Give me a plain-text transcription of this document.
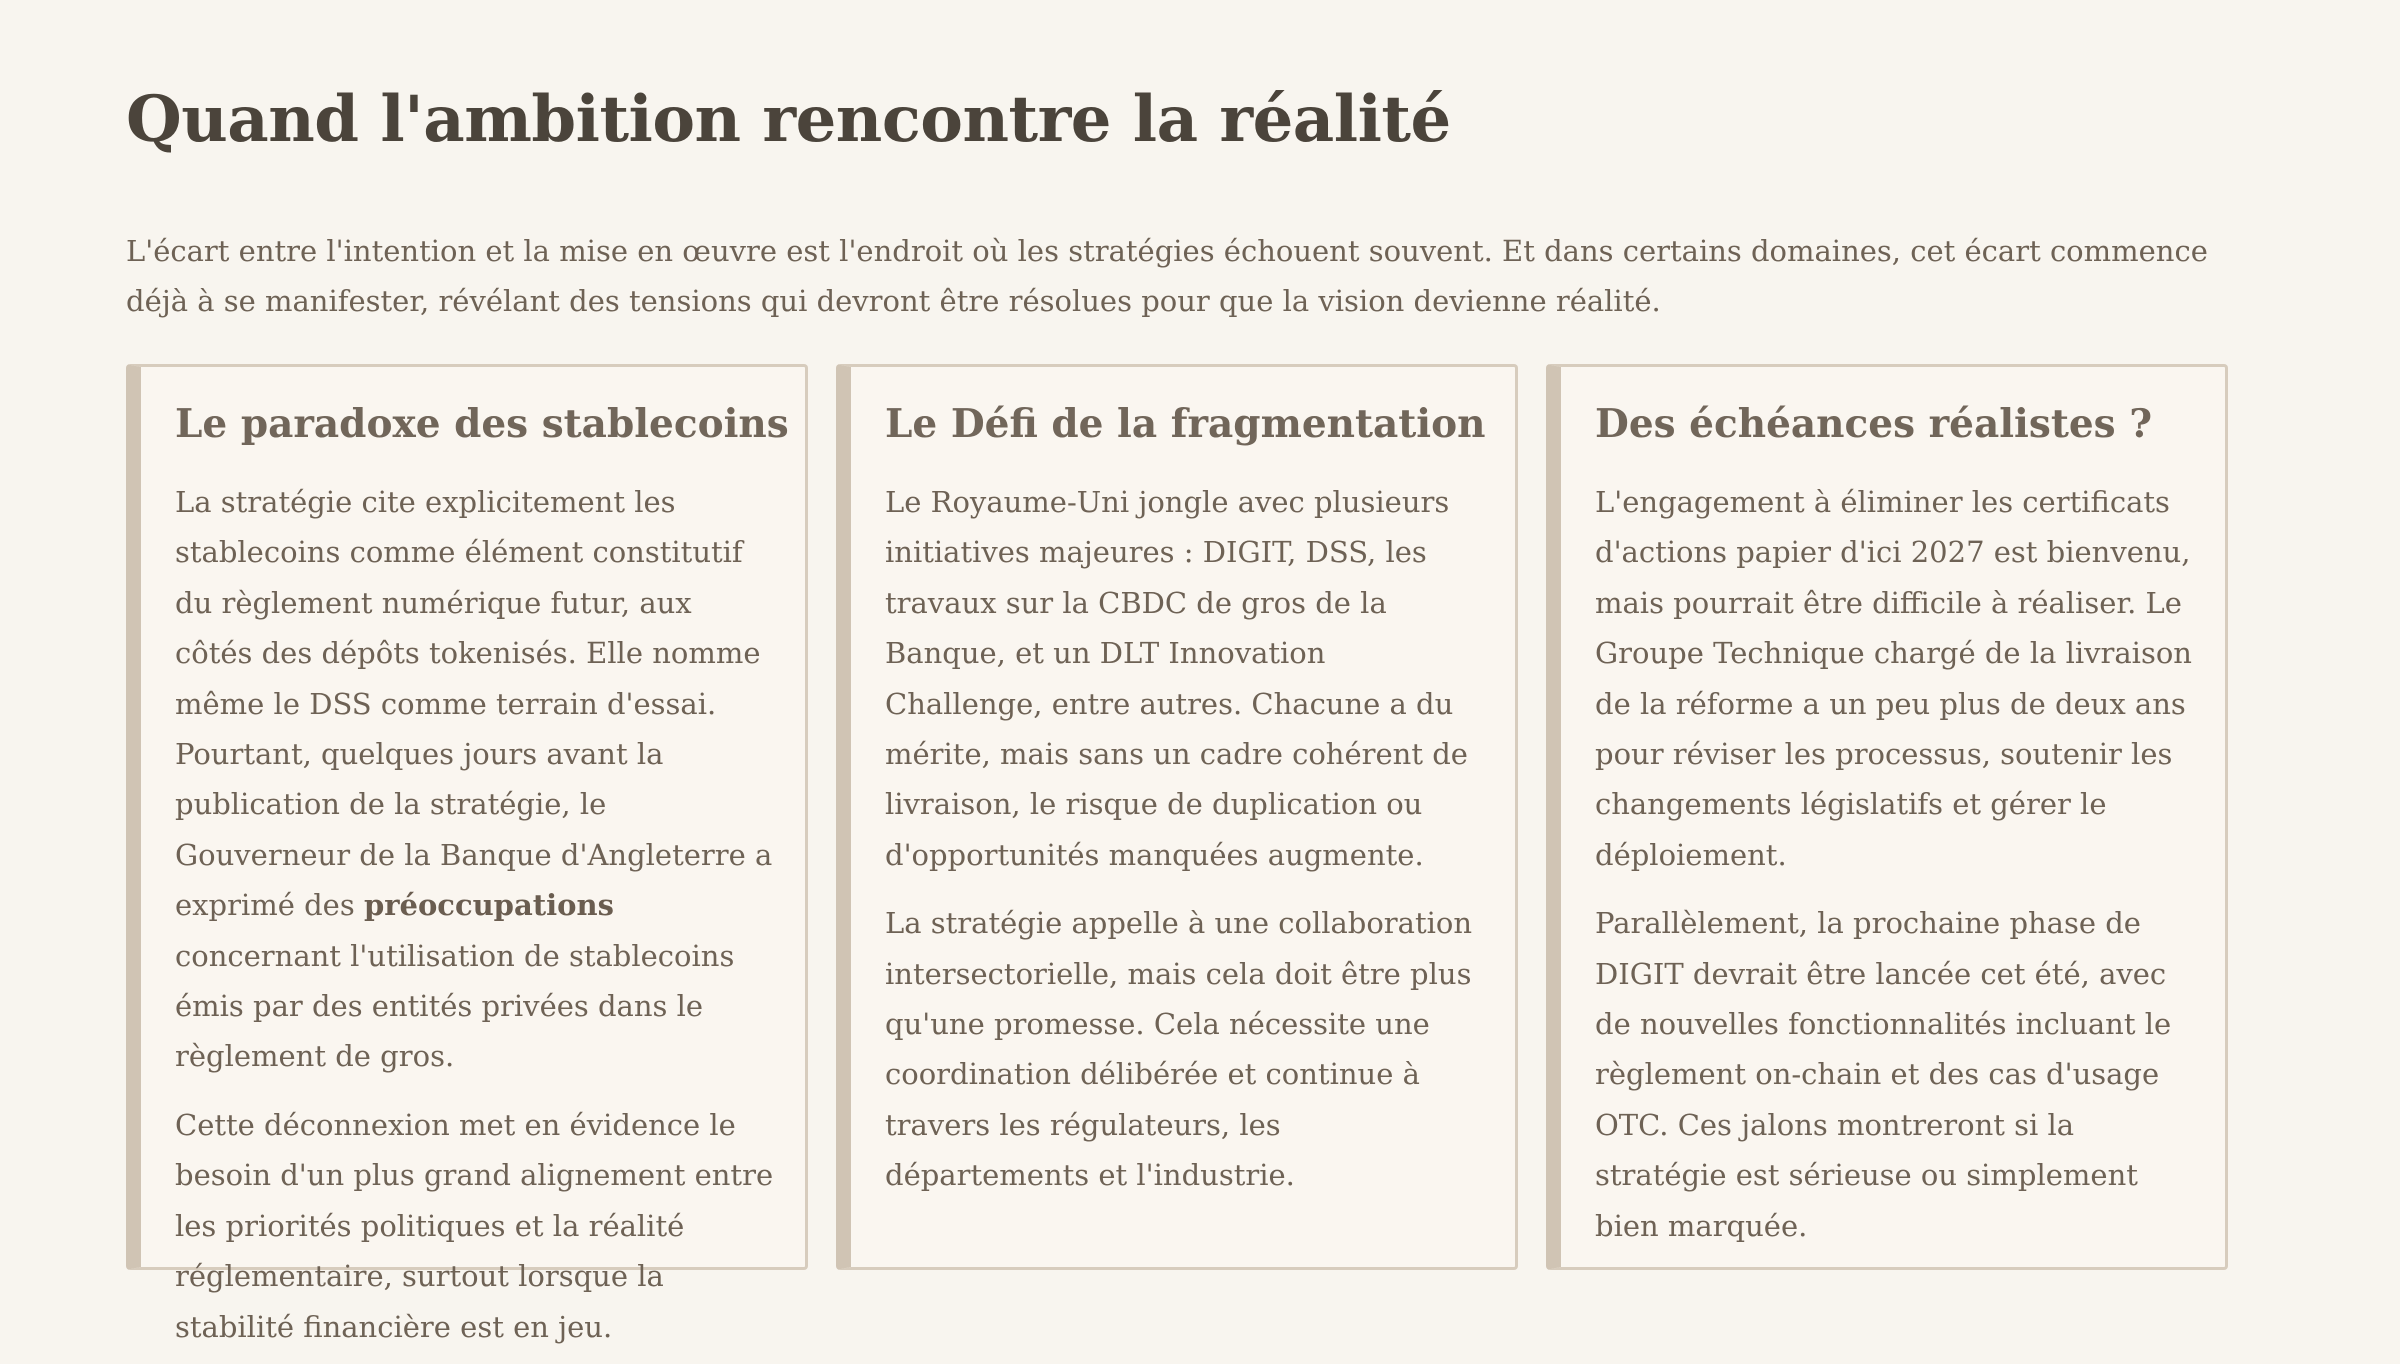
Quand l'ambition rencontre la réalité

L'écart entre l'intention et la mise en œuvre est l'endroit où les stratégies échouent souvent. Et dans certains domaines, cet écart commence déjà à se manifester, révélant des tensions qui devront être résolues pour que la vision devienne réalité.

Le paradoxe des stablecoins

La stratégie cite explicitement les stablecoins comme élément constitutif du règlement numérique futur, aux côtés des dépôts tokenisés. Elle nomme même le DSS comme terrain d'essai. Pourtant, quelques jours avant la publication de la stratégie, le Gouverneur de la Banque d'Angleterre a exprimé des préoccupations concernant l'utilisation de stablecoins émis par des entités privées dans le règlement de gros.

Cette déconnexion met en évidence le besoin d'un plus grand alignement entre les priorités politiques et la réalité réglementaire, surtout lorsque la stabilité financière est en jeu.

Le Défi de la fragmentation

Le Royaume-Uni jongle avec plusieurs initiatives majeures : DIGIT, DSS, les travaux sur la CBDC de gros de la Banque, et un DLT Innovation Challenge, entre autres. Chacune a du mérite, mais sans un cadre cohérent de livraison, le risque de duplication ou d'opportunités manquées augmente.

La stratégie appelle à une collaboration intersectorielle, mais cela doit être plus qu'une promesse. Cela nécessite une coordination délibérée et continue à travers les régulateurs, les départements et l'industrie.

Des échéances réalistes ?

L'engagement à éliminer les certificats d'actions papier d'ici 2027 est bienvenu, mais pourrait être difficile à réaliser. Le Groupe Technique chargé de la livraison de la réforme a un peu plus de deux ans pour réviser les processus, soutenir les changements législatifs et gérer le déploiement.

Parallèlement, la prochaine phase de DIGIT devrait être lancée cet été, avec de nouvelles fonctionnalités incluant le règlement on-chain et des cas d'usage OTC. Ces jalons montreront si la stratégie est sérieuse ou simplement bien marquée.
